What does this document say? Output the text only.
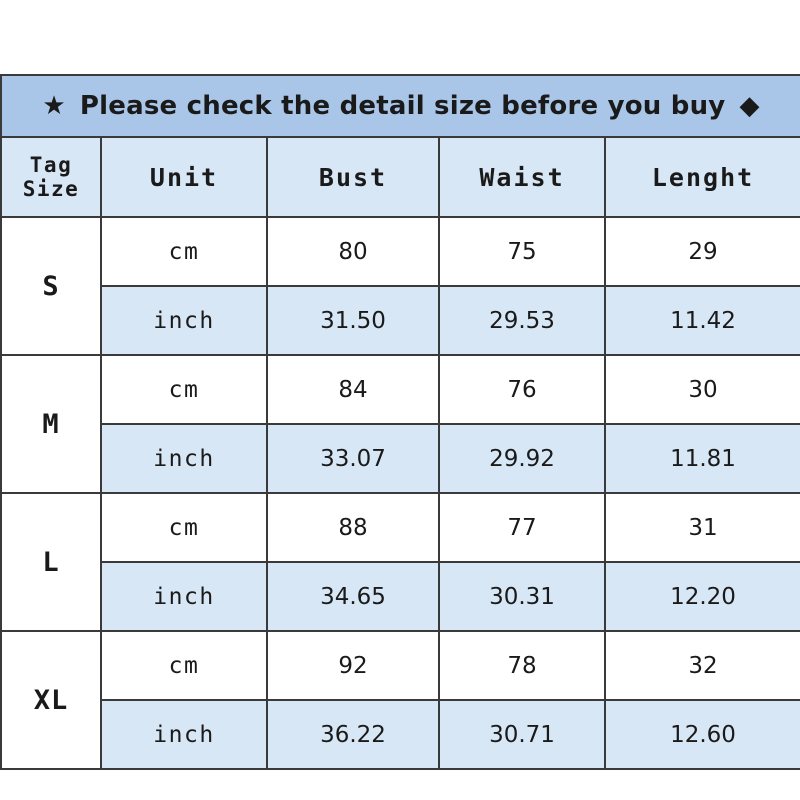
★ Please check the detail size before you buy ◆				

Tag
Size	Unit	Bust	Waist	Lenght
S	cm	80	75	29
	inch	31.50	29.53	11.42
M	cm	84	76	30
	inch	33.07	29.92	11.81
L	cm	88	77	31
	inch	34.65	30.31	12.20
XL	cm	92	78	32
	inch	36.22	30.71	12.60
